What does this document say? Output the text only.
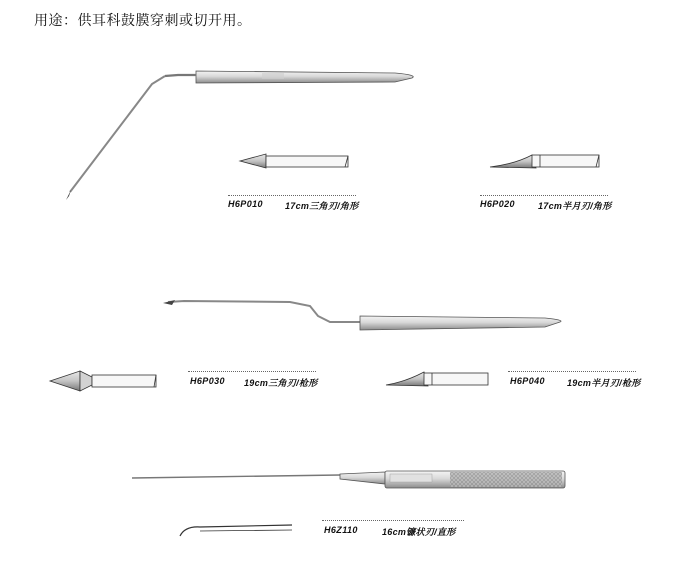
用途：供耳科鼓膜穿刺或切开用。
H6P010 17cm三角刃/角形	H6P020	17cm半月刃/角形
H6P030 19cm三角刃/枪形	H6P040 19cm半月刃/枪形
H6Z110	16cm镰状刃/直形
